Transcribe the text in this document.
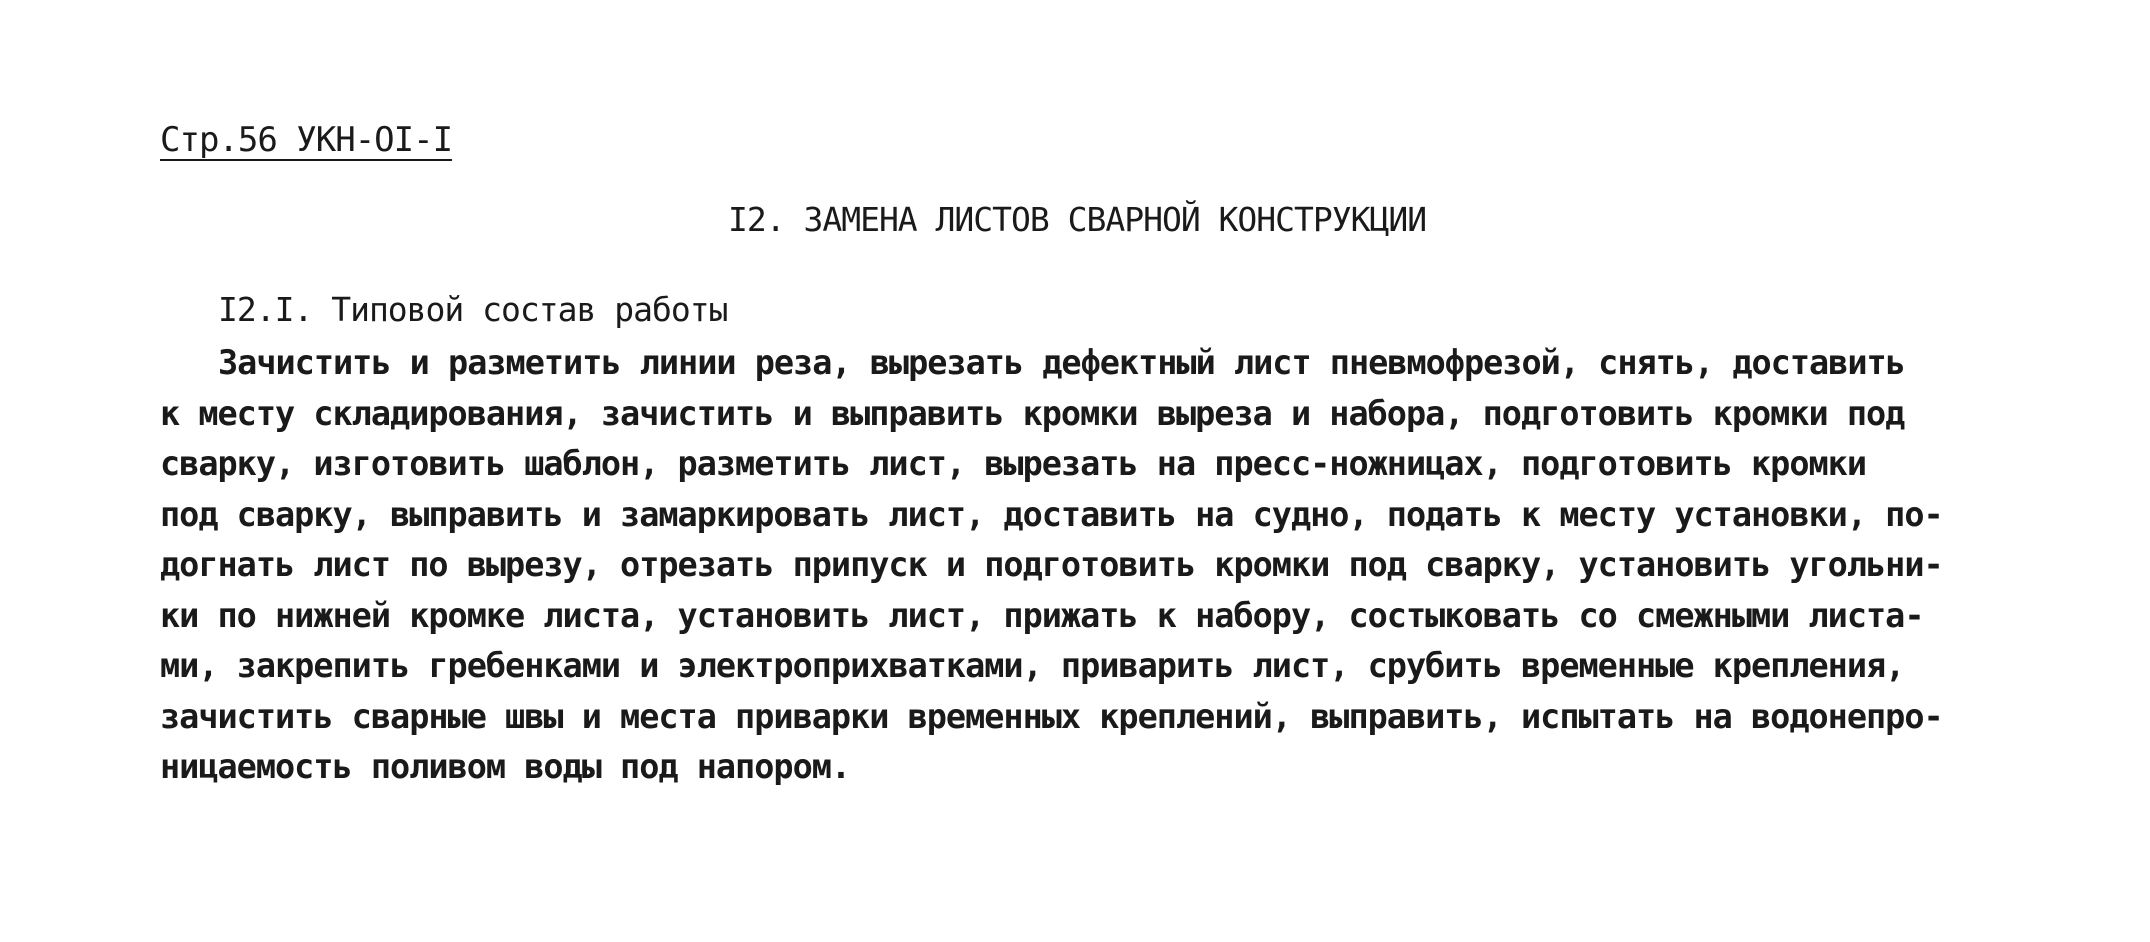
Стр.56 УКН-OI-I
I2. ЗАМЕНА ЛИСТОВ СВАРНОЙ КОНСТРУКЦИИ
I2.I. Типовой состав работы
Зачистить и разметить линии реза, вырезать дефектный лист пневмофрезой, снять, доставить
к месту складирования, зачистить и выправить кромки выреза и набора, подготовить кромки под
сварку, изготовить шаблон, разметить лист, вырезать на пресс-ножницах, подготовить кромки
под сварку, выправить и замаркировать лист, доставить на судно, подать к месту установки, по-
догнать лист по вырезу, отрезать припуск и подготовить кромки под сварку, установить угольни-
ки по нижней кромке листа, установить лист, прижать к набору, состыковать со смежными листа-
ми, закрепить гребенками и электроприхватками, приварить лист, срубить временные крепления,
зачистить сварные швы и места приварки временных креплений, выправить, испытать на водонепро-
ницаемость поливом воды под напором.
